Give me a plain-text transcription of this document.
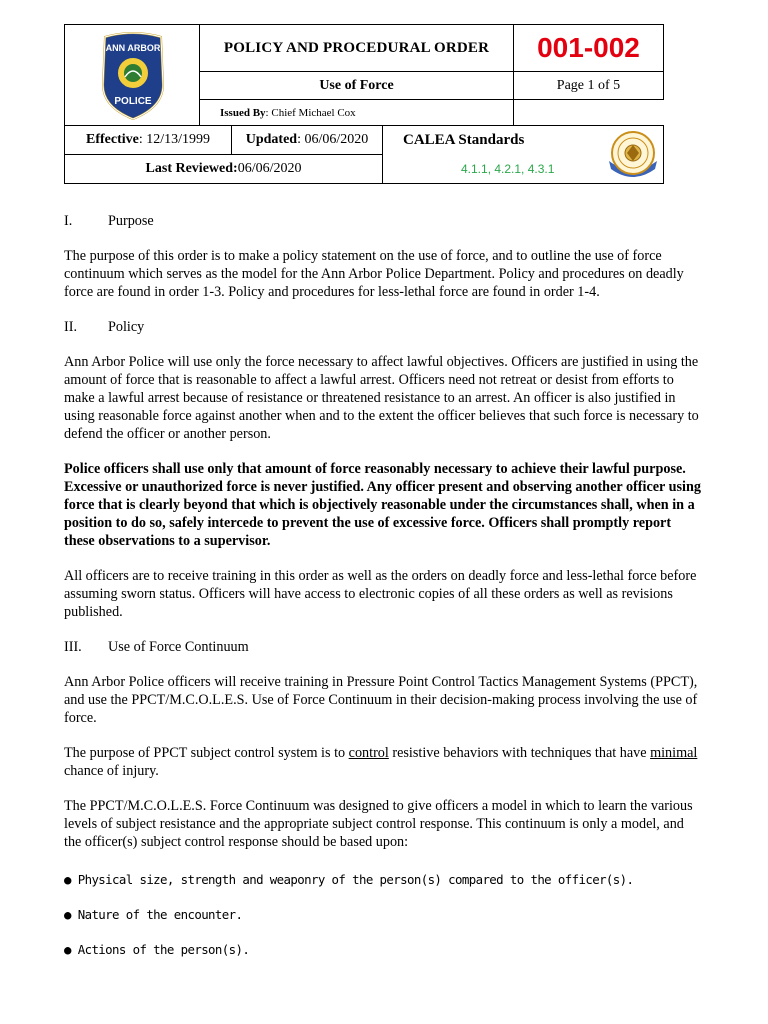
ANN ARBOR
POLICE
POLICY AND PROCEDURAL ORDER	001-002
Use of Force	Page 1 of 5
Issued By : Chief Michael Cox
Effective : 12/13/1999	Updated : 06/06/2020
Last Reviewed: 06/06/2020
CALEA Standards
4.1.1, 4.2.1, 4.3.1
I.	Purpose

The purpose of this order is to make a policy statement on the use of force, and to outline the use of force continuum which serves as the model for the Ann Arbor Police Department. Policy and procedures on deadly force are found in order 1-3. Policy and procedures for less-lethal force are found in order 1-4.

II.	Policy

Ann Arbor Police will use only the force necessary to affect lawful objectives. Officers are justified in using the amount of force that is reasonable to affect a lawful arrest. Officers need not retreat or desist from efforts to make a lawful arrest because of resistance or threatened resistance to an arrest. An officer is also justified in using reasonable force against another when and to the extent the officer believes that such force is necessary to defend the officer or another person.

Police officers shall use only that amount of force reasonably necessary to achieve their lawful purpose. Excessive or unauthorized force is never justified. Any officer present and observing another officer using force that is clearly beyond that which is objectively reasonable under the circumstances shall, when in a position to do so, safely intercede to prevent the use of excessive force. Officers shall promptly report these observations to a supervisor.

All officers are to receive training in this order as well as the orders on deadly force and less-lethal force before assuming sworn status. Officers will have access to electronic copies of all these orders as well as revisions published.

III.	Use of Force Continuum

Ann Arbor Police officers will receive training in Pressure Point Control Tactics Management Systems (PPCT), and use the PPCT/M.C.O.L.E.S. Use of Force Continuum in their decision-making process involving the use of force.

The purpose of PPCT subject control system is to control resistive behaviors with techniques that have minimal chance of injury.

The PPCT/M.C.O.L.E.S. Force Continuum was designed to give officers a model in which to learn the various levels of subject resistance and the appropriate subject control response. This continuum is only a model, and the officer(s) subject control response should be based upon:

● Physical size, strength and weaponry of the person(s) compared to the officer(s).

● Nature of the encounter.

● Actions of the person(s).
